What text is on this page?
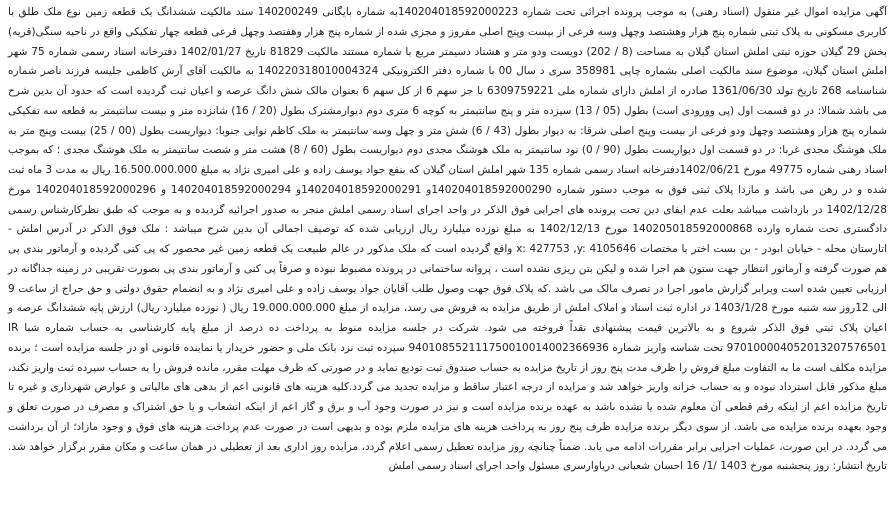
آگهی مزایده اموال غیر منقول (اسناد رهنی) به موجب پرونده اجرائی تحت شماره 140204018592000223به شماره بایگانی 140200249 سند مالکیت ششدانگ یک قطعه زمین نوع ملک طلق با کاربری مسکونی به پلاک ثبتی شماره پنج هزار وهشتصد وچهل وسه فرعی از بیست وپنج اصلی مفروز و مجزی شده از شماره پنج هزار وهفتصد وچهل فرعی قطعه چهار تفکیکی واقع در ناحیه سنگی(قریه) بخش 29 گیلان حوزه ثبتی املش استان گیلان به مساحت (8 / 202) دویست ودو متر و هشتاد دسیمتر مربع با شماره مستند مالکیت 81829 تاریخ 1402/01/27 دفترخانه اسناد رسمی شماره 75 شهر املش استان گیلان، موضوع سند مالکیت اصلی بشماره چاپی 358981 سری د سال 00 با شماره دفتر الکترونیکی 140220318010004324 به مالکیت آقای آرش کاظمی جلیسه فرزند ناصر شماره شناسنامه 268 تاریخ تولد 1361/06/30 صادره از املش دارای شماره ملی 6309759221 با جز سهم 6 از کل سهم 6 بعنوان مالک شش دانگ عرصه و اعیان ثبت گردیده است که حدود آن بدین شرح می باشد شمالا: در دو قسمت اول (پی وورودی است) بطول (05 / 13) سیزده متر و پنج سانتیمتر به کوچه 6 متری دوم دیوارمشترک بطول (20 / 16) شانزده متر و بیست سانتیمتر به قطعه سه تفکیکی شماره پنج هزار وهشتصد وچهل ودو فرعی از بیست وپنج اصلی شرقا: به دیوار بطول (43 / 6) شش متر و چهل وسه سانتیمتر به ملک کاظم نوایی جنوبا: دیواریست بطول (00 / 25) بیست وپنج متر به ملک هوشنگ مجدی غربا: در دو قسمت اول دیواریست بطول (90 / 0) نود سانتیمتر به ملک هوشنگ مجدی دوم دیواریست بطول (60 / 8) هشت متر و شصت سانتیمتر به ملک هوشنگ مجدی ؛ که بموجب اسناد رهنی شماره 49775 مورخ 1402/06/21دفترخانه اسناد رسمی شماره 135 شهر املش استان گیلان که بنفع جواد یوسف زاده و علی امیری نژاد به مبلغ 16.500.000.000 ریال به مدت 3 ماه ثبت شده و در رهن می باشد و مازدا پلاک ثبتی فوق به موجب دستور شماره 140204018592000290و 140204018592000291و 140204018592000294 و 140204018592000296 مورخ 1402/12/28 در بازداشت میباشد بعلت عدم ایفای دین تحت پرونده های اجرایی فوق الذکر در واحد اجرای اسناد رسمی املش منجر به صدور اجرائیه گردیده و به موجب که طبق نظرکارشناس رسمی دادگستری تحت شماره وارده 140205018592000868 مورخ 1402/12/13 به مبلغ نوزده میلیارد ریال ارزیابی شده که توصیف اجمالی آن بدین شرح میباشد : ملک فوق الذکر در آدرس املش - اتارستان محله - خیابان ابودر - بن بست اختر با مختصات x: 427753 ,y: 4105646 واقع گردیده است که ملک مذکور در عالم طبیعت یک قطعه زمین غیر محصور که پی کنی گردیده و آرماتور بندی پی هم صورت گرفته و آرماتور انتظار جهت ستون هم اجرا شده و لیکن بتن ریزی نشده است ، پروانه ساختمانی در پرونده مضبوط نبوده و صرفاً پی کنی و آرماتور بندی پی بصورت تقریبی در زمینه جداگانه در ارزیابی تعیین شده است وبرابر گزارش مامور اجرا در تصرف مالک می باشد .که پلاک فوق جهت وصول طلب آقایان جواد یوسف زاده و علی امیری نژاد و به انضمام حقوق دولتی و حق حراج از ساعت 9 الی 12روز سه شنبه مورخ 1403/1/28 در اداره ثبت اسناد و املاک املش از طریق مزایده به فروش می رسد، مزایده از مبلغ 19.000.000.000 ریال ( نوزده میلیارد ریال) ارزش پایه ششدانگ عرصه و اعیان پلاک ثبتی فوق الذکر شروع و به بالاترین قیمت پیشنهادی نقداً فروخته می شود. شرکت در جلسه مزایده منوط به پرداخت ده درصد از مبلغ پایه کارشناسی به حساب شماره شبا IR 970100004052013207576501 تحت شناسه واریز شماره 940108552111750010014002366936 سپرده ثبت نزد بانک ملی و حضور خریدار یا نماینده قانونی او در جلسه مزایده است ؛ برنده مزایده مکلف است ما به التفاوت مبلغ فروش را ظرف مدت پنج روز از تاریخ مزایده به حساب صندوق ثبت تودیع نماید و در صورتی که ظرف مهلت مقرر، مانده فروش را به حساب سپرده ثبت واریز نکند، مبلغ مذکور قابل استرداد نبوده و به حساب خزانه واریز خواهد شد و مزایده از درجه اعتبار ساقط و مزایده تجدید می گردد.کلیه هزینه های قانونی اعم از بدهی های مالیاتی و عوارض شهرداری و غیره تا تاریخ مزایده اعم از اینکه رقم قطعی آن معلوم شده یا نشده باشد به عهده برنده مزایده است و نیز در صورت وجود آب و برق و گاز اعم از اینکه انشعاب و یا حق اشتراک و مصرف در صورت تعلق و وجود بعهده برنده مزایده می باشد. از سوی دیگر برنده مزایده ظرف پنج روز به پرداخت هزینه های مزایده ملزم بوده و بدیهی است در صورت عدم پرداخت هزینه های فوق و وجود مازاد؛ از آن برداشت می گردد. در این صورت، عملیات اجرایی برابر مقررات ادامه می یابد. ضمناً چنانچه روز مزایده تعطیل رسمی اعلام گردد، مزایده روز اداری بعد از تعطیلی در همان ساعت و مکان مقرر برگزار خواهد شد. تاریخ انتشار: روز پنجشنبه مورخ 1403 /1/ 16 احسان شعبانی دریاوارسری مسئول واحد اجرای اسناد رسمی املش
